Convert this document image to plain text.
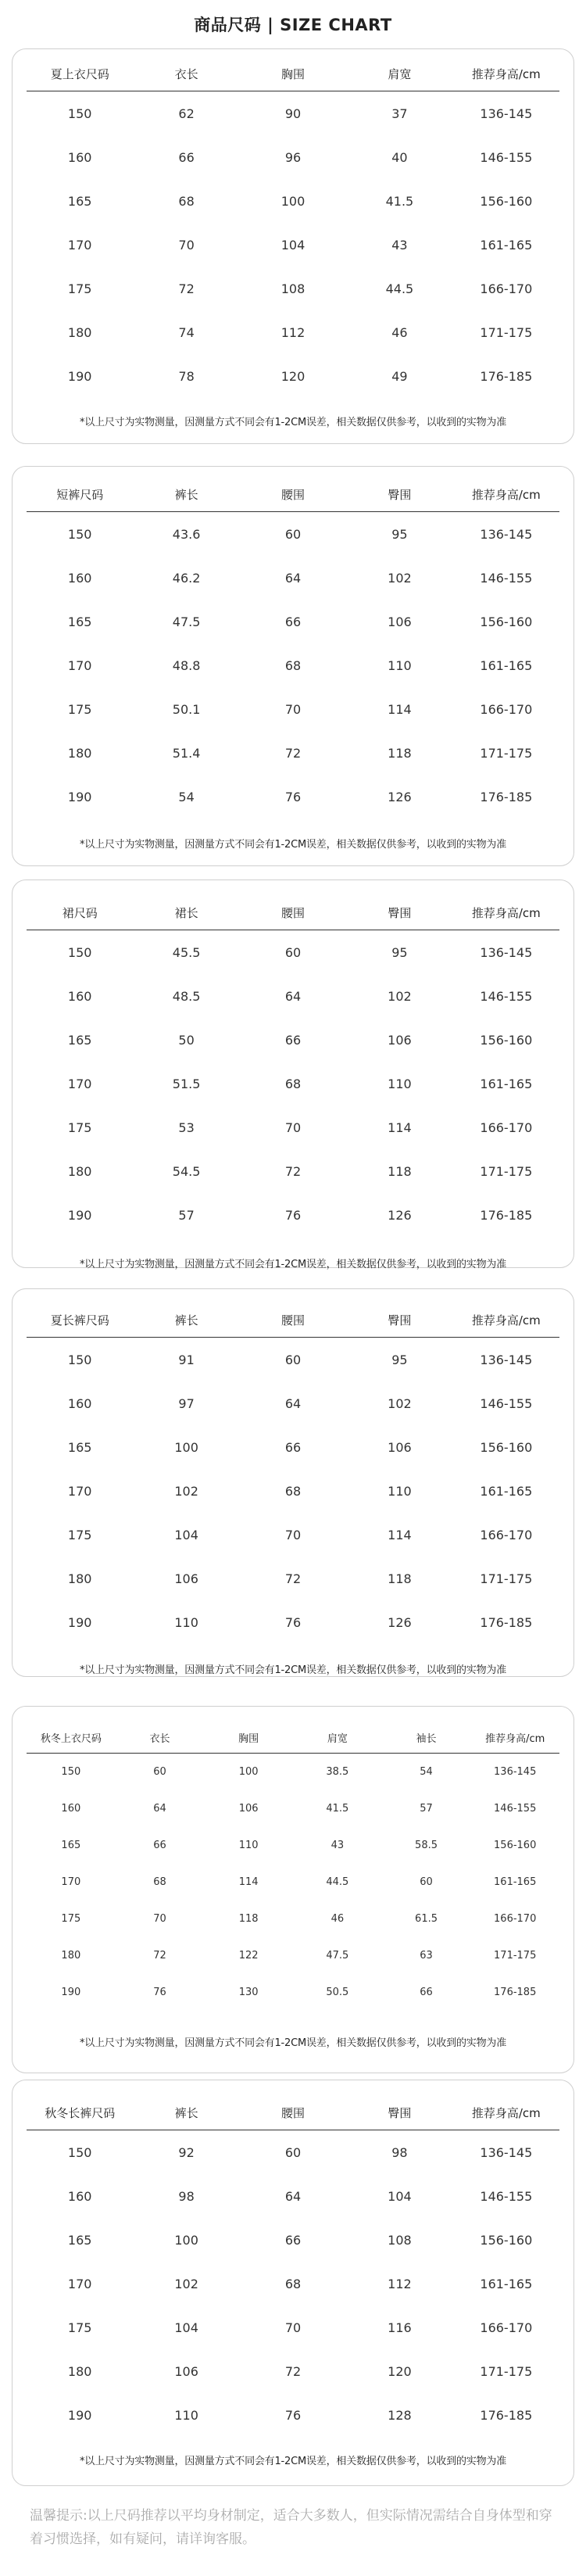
商品尺码 | SIZE CHART
夏上衣尺码	衣长	胸围	肩宽	推荐身高/cm
150	62	90	37	136-145
160	66	96	40	146-155
165	68	100	41.5	156-160
170	70	104	43	161-165
175	72	108	44.5	166-170
180	74	112	46	171-175
190	78	120	49	176-185
*以上尺寸为实物测量，因测量方式不同会有1-2CM误差，相关数据仅供参考，以收到的实物为准
短裤尺码	裤长	腰围	臀围	推荐身高/cm
150	43.6	60	95	136-145
160	46.2	64	102	146-155
165	47.5	66	106	156-160
170	48.8	68	110	161-165
175	50.1	70	114	166-170
180	51.4	72	118	171-175
190	54	76	126	176-185
*以上尺寸为实物测量，因测量方式不同会有1-2CM误差，相关数据仅供参考，以收到的实物为准
裙尺码	裙长	腰围	臀围	推荐身高/cm
150	45.5	60	95	136-145
160	48.5	64	102	146-155
165	50	66	106	156-160
170	51.5	68	110	161-165
175	53	70	114	166-170
180	54.5	72	118	171-175
190	57	76	126	176-185
*以上尺寸为实物测量，因测量方式不同会有1-2CM误差，相关数据仅供参考，以收到的实物为准
夏长裤尺码	裤长	腰围	臀围	推荐身高/cm
150	91	60	95	136-145
160	97	64	102	146-155
165	100	66	106	156-160
170	102	68	110	161-165
175	104	70	114	166-170
180	106	72	118	171-175
190	110	76	126	176-185
*以上尺寸为实物测量，因测量方式不同会有1-2CM误差，相关数据仅供参考，以收到的实物为准
秋冬上衣尺码	衣长	胸围	肩宽	袖长	推荐身高/cm
150	60	100	38.5	54	136-145
160	64	106	41.5	57	146-155
165	66	110	43	58.5	156-160
170	68	114	44.5	60	161-165
175	70	118	46	61.5	166-170
180	72	122	47.5	63	171-175
190	76	130	50.5	66	176-185
*以上尺寸为实物测量，因测量方式不同会有1-2CM误差，相关数据仅供参考，以收到的实物为准
秋冬长裤尺码	裤长	腰围	臀围	推荐身高/cm
150	92	60	98	136-145
160	98	64	104	146-155
165	100	66	108	156-160
170	102	68	112	161-165
175	104	70	116	166-170
180	106	72	120	171-175
190	110	76	128	176-185
*以上尺寸为实物测量，因测量方式不同会有1-2CM误差，相关数据仅供参考，以收到的实物为准
温馨提示:以上尺码推荐以平均身材制定，适合大多数人，但实际情况需结合自身体型和穿着习惯选择，如有疑问，请详询客服。
